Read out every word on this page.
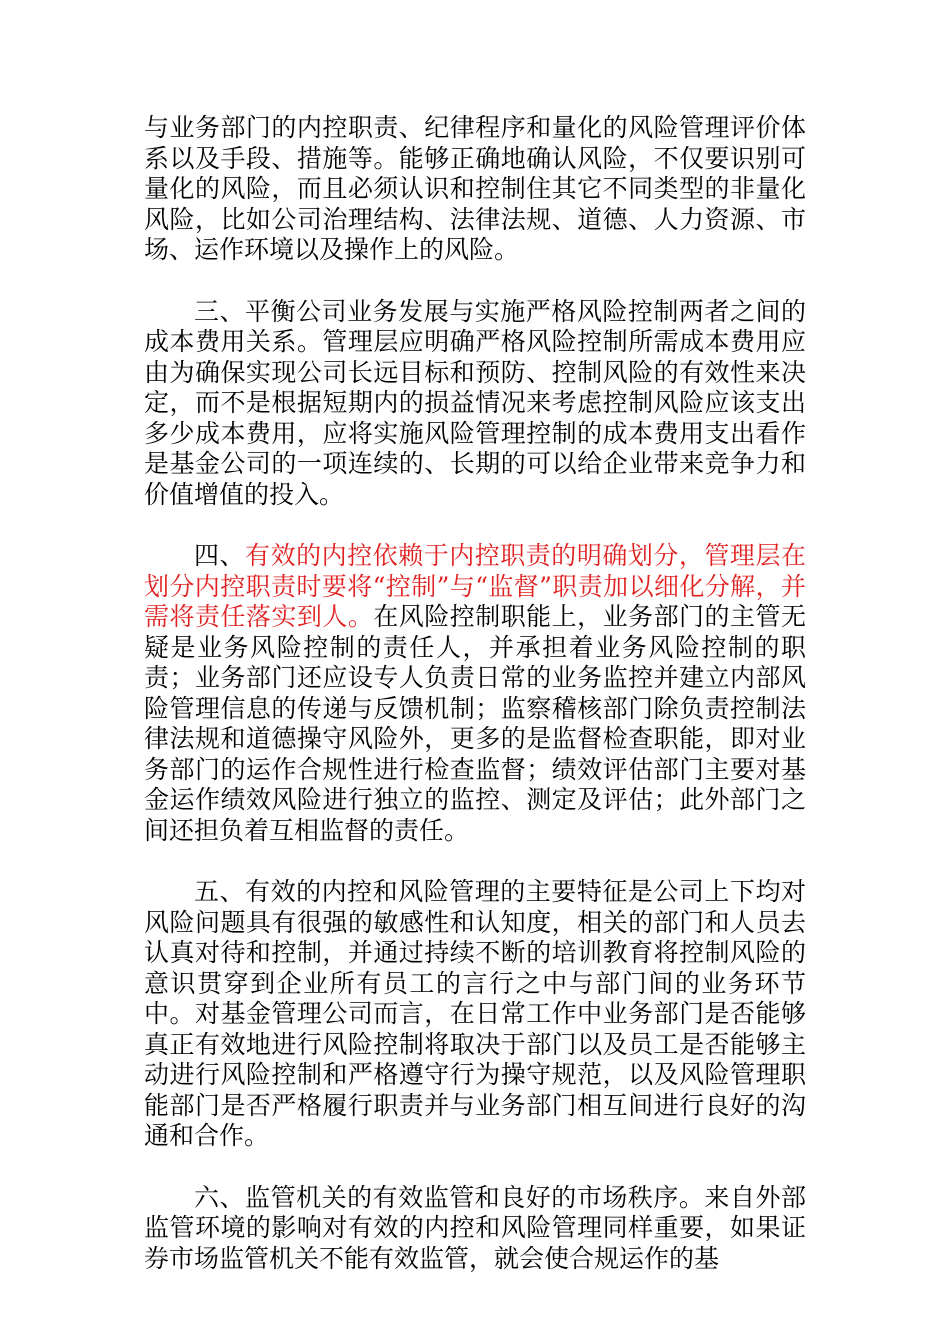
与业务部门的内控职责、纪律程序和量化的风险管理评价体系以及手段、措施等。能够正确地确认风险，不仅要识别可量化的风险，而且必须认识和控制住其它不同类型的非量化风险，比如公司治理结构、法律法规、道德、人力资源、市场、运作环境以及操作上的风险。

三、平衡公司业务发展与实施严格风险控制两者之间的成本费用关系。管理层应明确严格风险控制所需成本费用应由为确保实现公司长远目标和预防、控制风险的有效性来决定，而不是根据短期内的损益情况来考虑控制风险应该支出多少成本费用，应将实施风险管理控制的成本费用支出看作是基金公司的一项连续的、长期的可以给企业带来竞争力和价值增值的投入。

四、有效的内控依赖于内控职责的明确划分，管理层在划分内控职责时要将“控制”与“监督”职责加以细化分解，并需将责任落实到人。在风险控制职能上，业务部门的主管无疑是业务风险控制的责任人，并承担着业务风险控制的职责；业务部门还应设专人负责日常的业务监控并建立内部风险管理信息的传递与反馈机制；监察稽核部门除负责控制法律法规和道德操守风险外，更多的是监督检查职能，即对业务部门的运作合规性进行检查监督；绩效评估部门主要对基金运作绩效风险进行独立的监控、测定及评估；此外部门之间还担负着互相监督的责任。

五、有效的内控和风险管理的主要特征是公司上下均对风险问题具有很强的敏感性和认知度，相关的部门和人员去认真对待和控制，并通过持续不断的培训教育将控制风险的意识贯穿到企业所有员工的言行之中与部门间的业务环节中。对基金管理公司而言，在日常工作中业务部门是否能够真正有效地进行风险控制将取决于部门以及员工是否能够主动进行风险控制和严格遵守行为操守规范，以及风险管理职能部门是否严格履行职责并与业务部门相互间进行良好的沟通和合作。

六、监管机关的有效监管和良好的市场秩序。来自外部监管环境的影响对有效的内控和风险管理同样重要，如果证券市场监管机关不能有效监管，就会使合规运作的基
